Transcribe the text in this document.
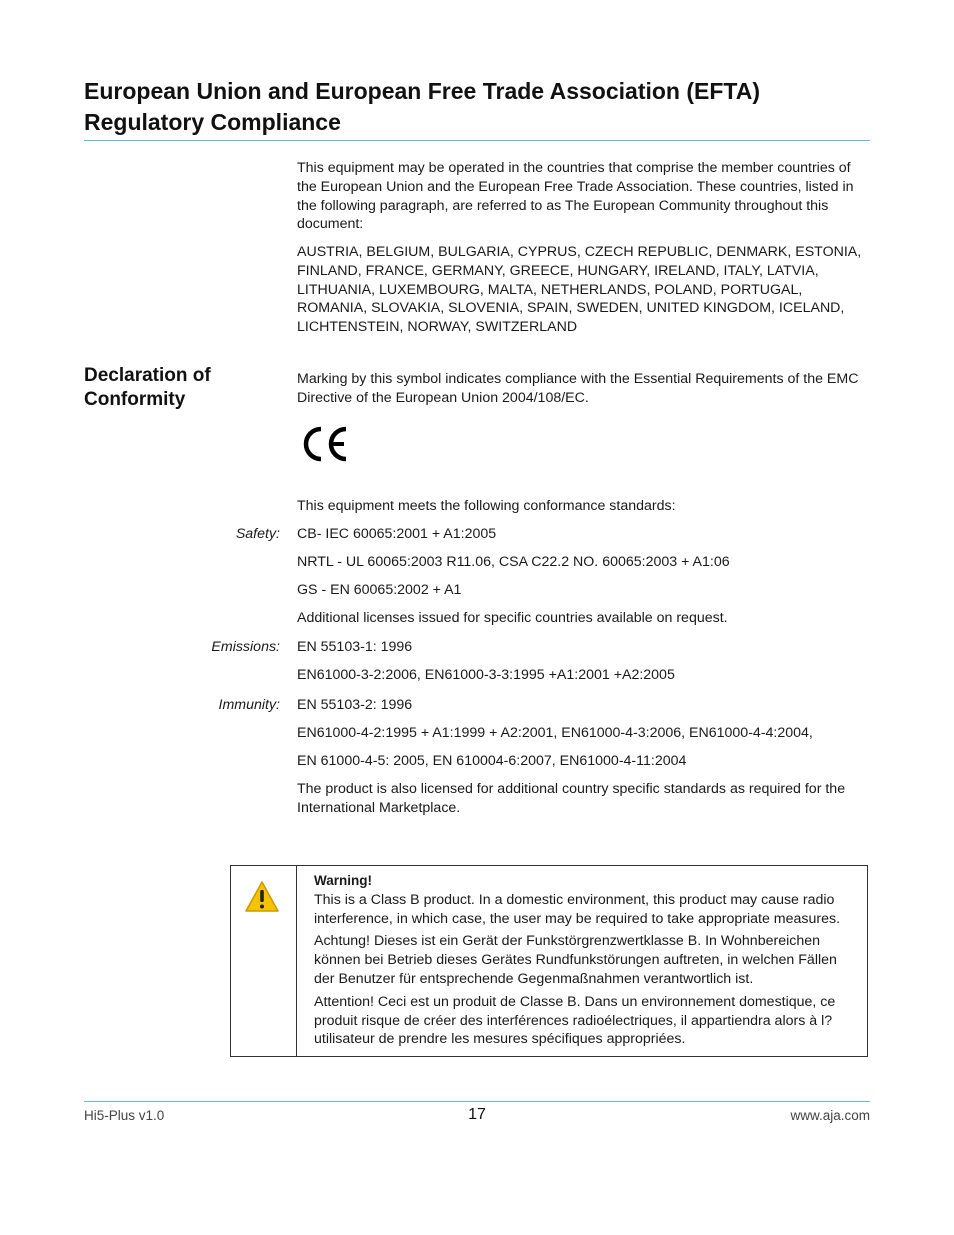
European Union and European Free Trade Association (EFTA) Regulatory Compliance

This equipment may be operated in the countries that comprise the member countries of the European Union and the European Free Trade Association. These countries, listed in the following paragraph, are referred to as The European Community throughout this document:

AUSTRIA, BELGIUM, BULGARIA, CYPRUS, CZECH REPUBLIC, DENMARK, ESTONIA, FINLAND, FRANCE, GERMANY, GREECE, HUNGARY, IRELAND, ITALY, LATVIA, LITHUANIA, LUXEMBOURG, MALTA, NETHERLANDS, POLAND, PORTUGAL, ROMANIA, SLOVAKIA, SLOVENIA, SPAIN, SWEDEN, UNITED KINGDOM, ICELAND, LICHTENSTEIN, NORWAY, SWITZERLAND

Declaration of Conformity

Marking by this symbol indicates compliance with the Essential Requirements of the EMC Directive of the European Union 2004/108/EC.

This equipment meets the following conformance standards:
Safety: CB- IEC 60065:2001 + A1:2005
NRTL - UL 60065:2003 R11.06, CSA C22.2 NO. 60065:2003 + A1:06
GS - EN 60065:2002 + A1
Additional licenses issued for specific countries available on request.
Emissions: EN 55103-1: 1996
EN61000-3-2:2006, EN61000-3-3:1995 +A1:2001 +A2:2005
Immunity: EN 55103-2: 1996
EN61000-4-2:1995 + A1:1999 + A2:2001, EN61000-4-3:2006, EN61000-4-4:2004,
EN 61000-4-5: 2005, EN 610004-6:2007, EN61000-4-11:2004

The product is also licensed for additional country specific standards as required for the International Marketplace.

Warning!

This is a Class B product. In a domestic environment, this product may cause radio interference, in which case, the user may be required to take appropriate measures.

Achtung! Dieses ist ein Gerät der Funkstörgrenzwertklasse B. In Wohnbereichen können bei Betrieb dieses Gerätes Rundfunkstörungen auftreten, in welchen Fällen der Benutzer für entsprechende Gegenmaßnahmen verantwortlich ist.

Attention! Ceci est un produit de Classe B. Dans un environnement domestique, ce produit risque de créer des interférences radioélectriques, il appartiendra alors à l?utilisateur de prendre les mesures spécifiques appropriées.

Hi5-Plus v1.0	17	www.aja.com
